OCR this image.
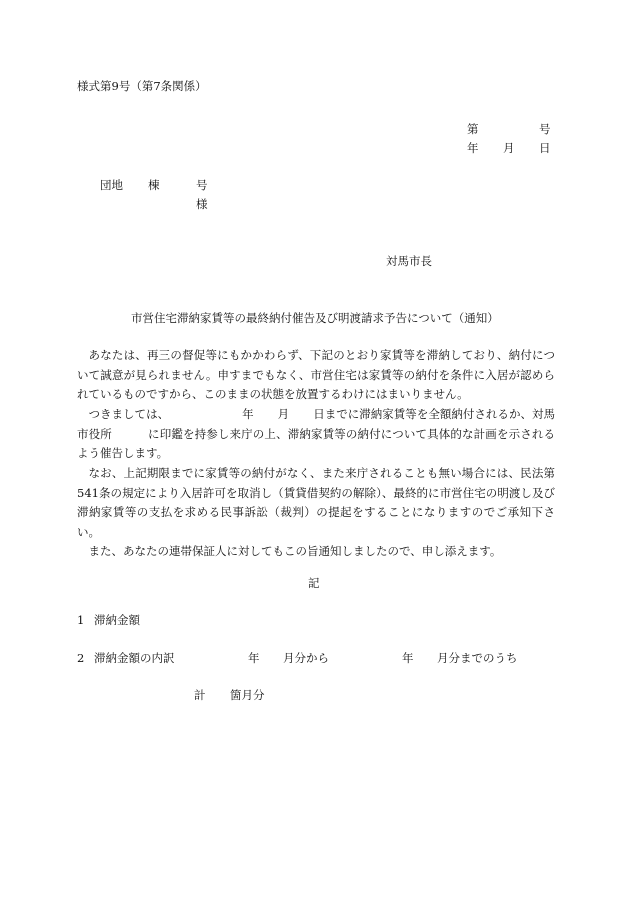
様式第9号（第7条関係）
第	号
年 月 日
団地 棟	号
様
対馬市長
市営住宅滞納家賃等の最終納付催告及び明渡請求予告について（通知）
あなたは、再三の督促等にもかかわらず、下記のとおり家賃等を滞納しており、納付について誠意が見られません。申すまでもなく、市営住宅は家賃等の納付を条件に入居が認められているものですから、このままの状態を放置するわけにはまいりません。
つきましては、	年 月 日までに滞納家賃等を全額納付されるか、対馬市役所	に印鑑を持参し来庁の上、滞納家賃等の納付について具体的な計画を示されるよう催告します。
なお、上記期限までに家賃等の納付がなく、また来庁されることも無い場合には、民法第541条の規定により入居許可を取消し（賃貸借契約の解除）、最終的に市営住宅の明渡し及び滞納家賃等の支払を求める民事訴訟（裁判）の提起をすることになりますのでご承知下さい。
また、あなたの連帯保証人に対してもこの旨通知しましたので、申し添えます。
記
1 滞納金額
2 滞納金額の内訳	年 月分から	年 月分までのうち
計 箇月分
